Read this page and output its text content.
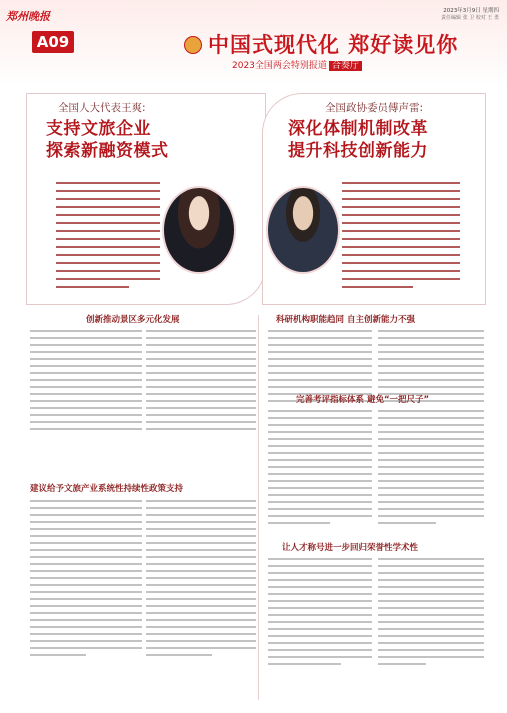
郑州晚报
A09
2023年3月9日 星期四
责任编辑 张 卫 校对 王 勇
中国式现代化 郑好读见你
2023全国两会特别报道 合奏厅
全国人大代表王爽:
支持文旅企业
探索新融资模式
全国政协委员傅声雷:
深化体制机制改革
提升科技创新能力
创新推动景区多元化发展
建议给予文旅产业系统性持续性政策支持
科研机构职能趋同 自主创新能力不强
完善考评指标体系 避免“一把尺子”
让人才称号进一步回归荣誉性学术性
